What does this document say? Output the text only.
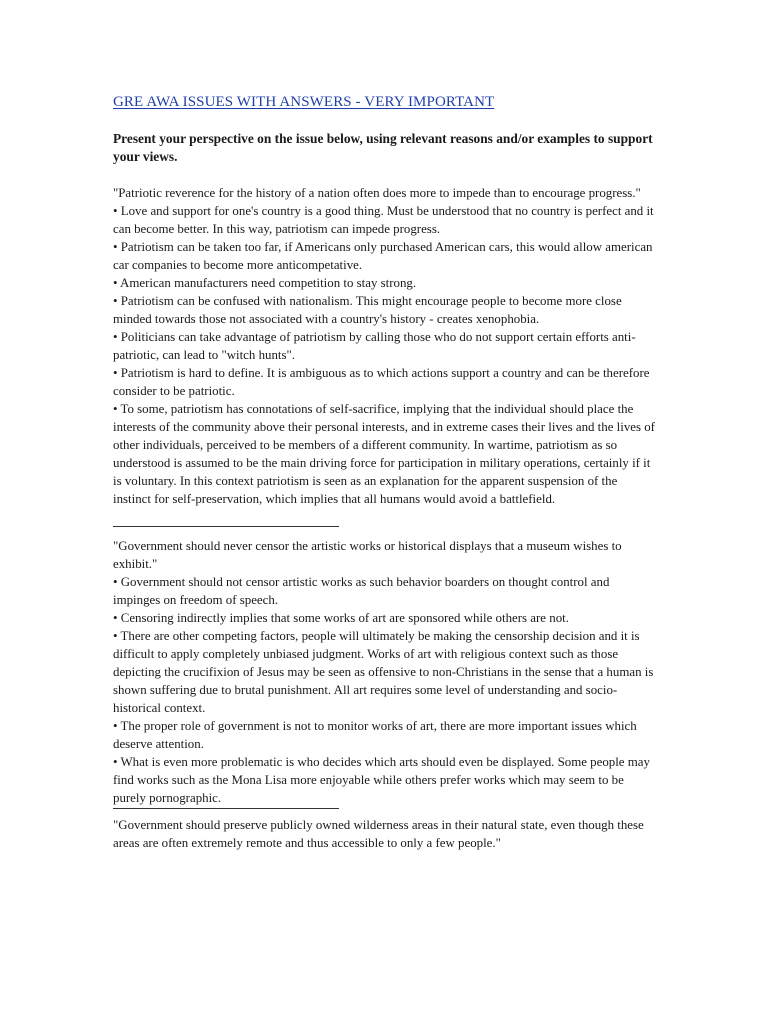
GRE AWA ISSUES WITH ANSWERS - VERY IMPORTANT
Present your perspective on the issue below, using relevant reasons and/or examples to support your views.

"Patriotic reverence for the history of a nation often does more to impede than to encourage progress."

• Love and support for one's country is a good thing. Must be understood that no country is perfect and it can become better. In this way, patriotism can impede progress.

• Patriotism can be taken too far, if Americans only purchased American cars, this would allow american car companies to become more anticompetative.

• American manufacturers need competition to stay strong.

• Patriotism can be confused with nationalism. This might encourage people to become more close minded towards those not associated with a country's history - creates xenophobia.

• Politicians can take advantage of patriotism by calling those who do not support certain efforts anti-patriotic, can lead to "witch hunts".

• Patriotism is hard to define. It is ambiguous as to which actions support a country and can be therefore consider to be patriotic.

• To some, patriotism has connotations of self-sacrifice, implying that the individual should place the interests of the community above their personal interests, and in extreme cases their lives and the lives of other individuals, perceived to be members of a different community. In wartime, patriotism as so understood is assumed to be the main driving force for participation in military operations, certainly if it is voluntary. In this context patriotism is seen as an explanation for the apparent suspension of the instinct for self-preservation, which implies that all humans would avoid a battlefield.

"Government should never censor the artistic works or historical displays that a museum wishes to exhibit."

• Government should not censor artistic works as such behavior boarders on thought control and impinges on freedom of speech.

• Censoring indirectly implies that some works of art are sponsored while others are not.

• There are other competing factors, people will ultimately be making the censorship decision and it is difficult to apply completely unbiased judgment. Works of art with religious context such as those depicting the crucifixion of Jesus may be seen as offensive to non-Christians in the sense that a human is shown suffering due to brutal punishment. All art requires some level of understanding and socio-historical context.

• The proper role of government is not to monitor works of art, there are more important issues which deserve attention.

• What is even more problematic is who decides which arts should even be displayed. Some people may find works such as the Mona Lisa more enjoyable while others prefer works which may seem to be purely pornographic.

"Government should preserve publicly owned wilderness areas in their natural state, even though these areas are often extremely remote and thus accessible to only a few people."
